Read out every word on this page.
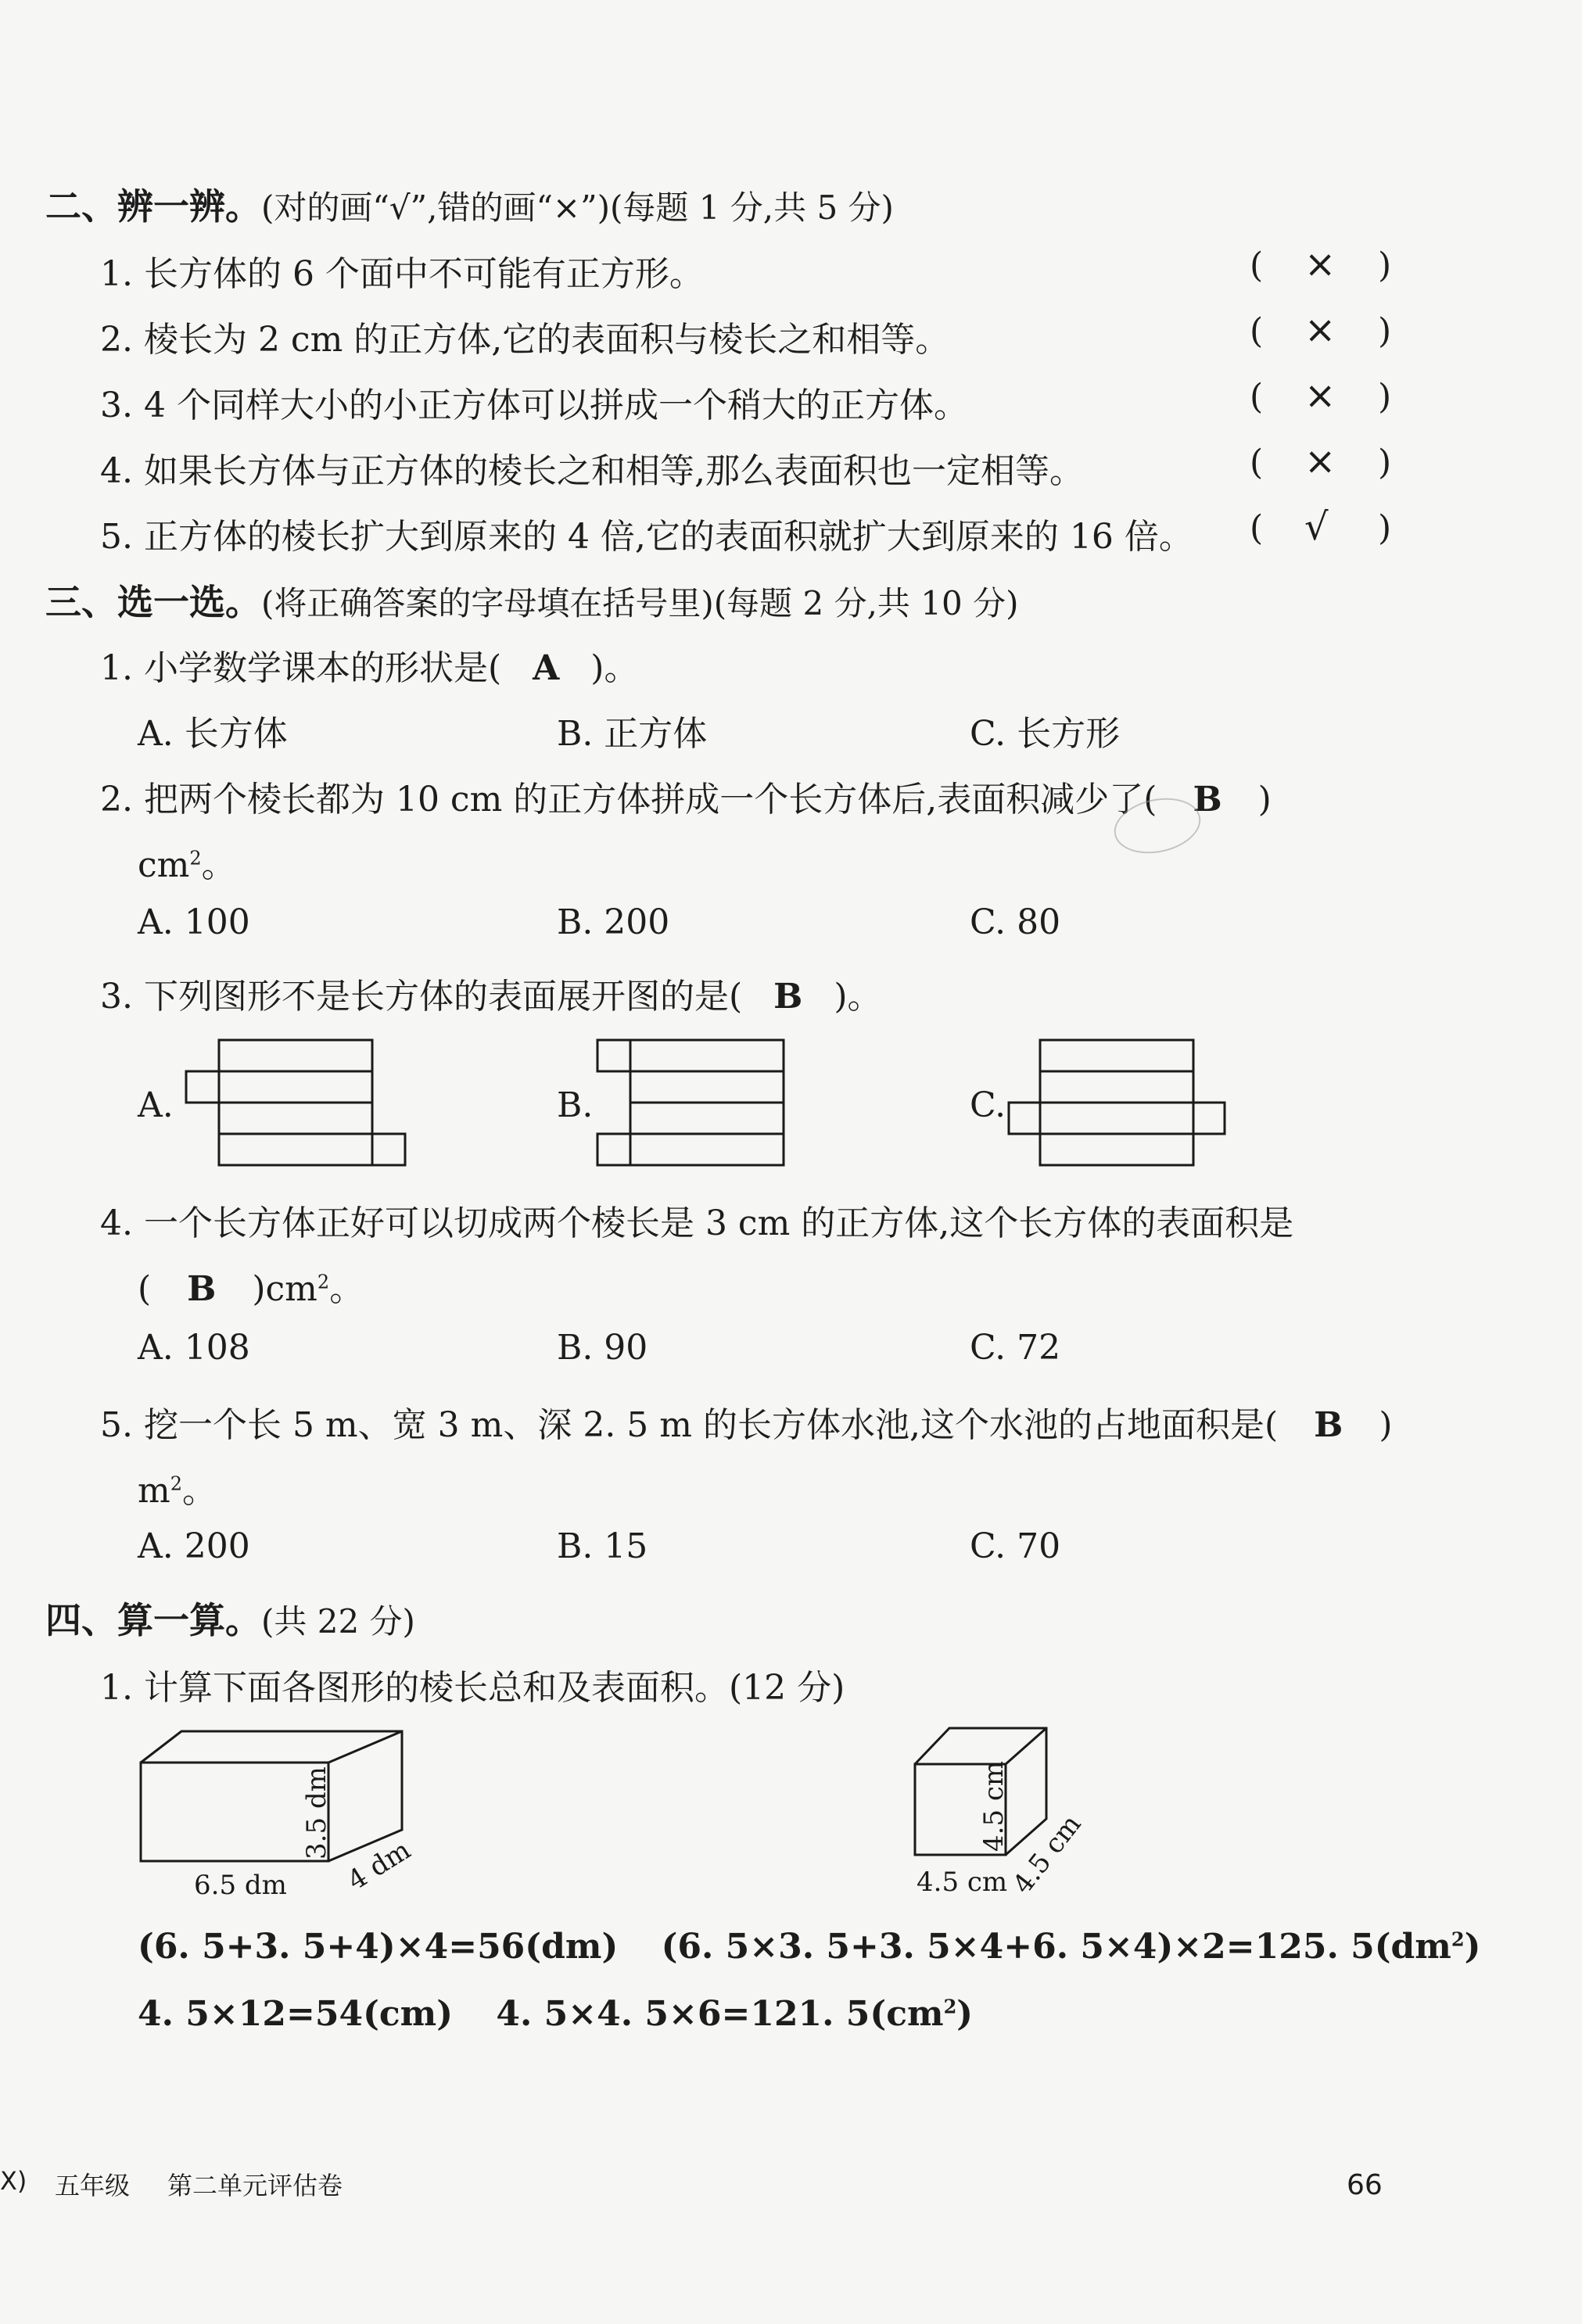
二、辨一辨。(对的画“√”,错的画“×”)(每题 1 分,共 5 分)
1. 长方体的 6 个面中不可能有正方形。	( × )
2. 棱长为 2 cm 的正方体,它的表面积与棱长之和相等。	( × )
3. 4 个同样大小的小正方体可以拼成一个稍大的正方体。	( × )
4. 如果长方体与正方体的棱长之和相等,那么表面积也一定相等。	( × )
5. 正方体的棱长扩大到原来的 4 倍,它的表面积就扩大到原来的 16 倍。 ( √ )
三、选一选。(将正确答案的字母填在括号里)(每题 2 分,共 10 分)
1. 小学数学课本的形状是( A )。
A. 长方体	B. 正方体	C. 长方形
2. 把两个棱长都为 10 cm 的正方体拼成一个长方体后,表面积减少了( B )
$cm^2$。
A. 100	B. 200	C. 80
3. 下列图形不是长方体的表面展开图的是( B )。
A.	B.	C.
4. 一个长方体正好可以切成两个棱长是 3 cm 的正方体,这个长方体的表面积是
( B )$cm^2$。
A. 108	B. 90	C. 72
5. 挖一个长 5 m、宽 3 m、深 2. 5 m 的长方体水池,这个水池的占地面积是( B )
$m^2$。
A. 200	B. 15	C. 70
四、算一算。(共 22 分)
1. 计算下面各图形的棱长总和及表面积。(12 分)
6.5 dm
3.5 dm
4 dm	4.5 cm
4.5 cm
4.5 cm
(6. 5+3. 5+4)×4=56(dm) (6. 5×3. 5+3. 5×4+6. 5×4)×2=125. $5(dm^2)$
4. 5×12=54(cm) 4. 5×4. 5×6=121. $5(cm^2)$
X) 五年级 第二单元评估卷	66
